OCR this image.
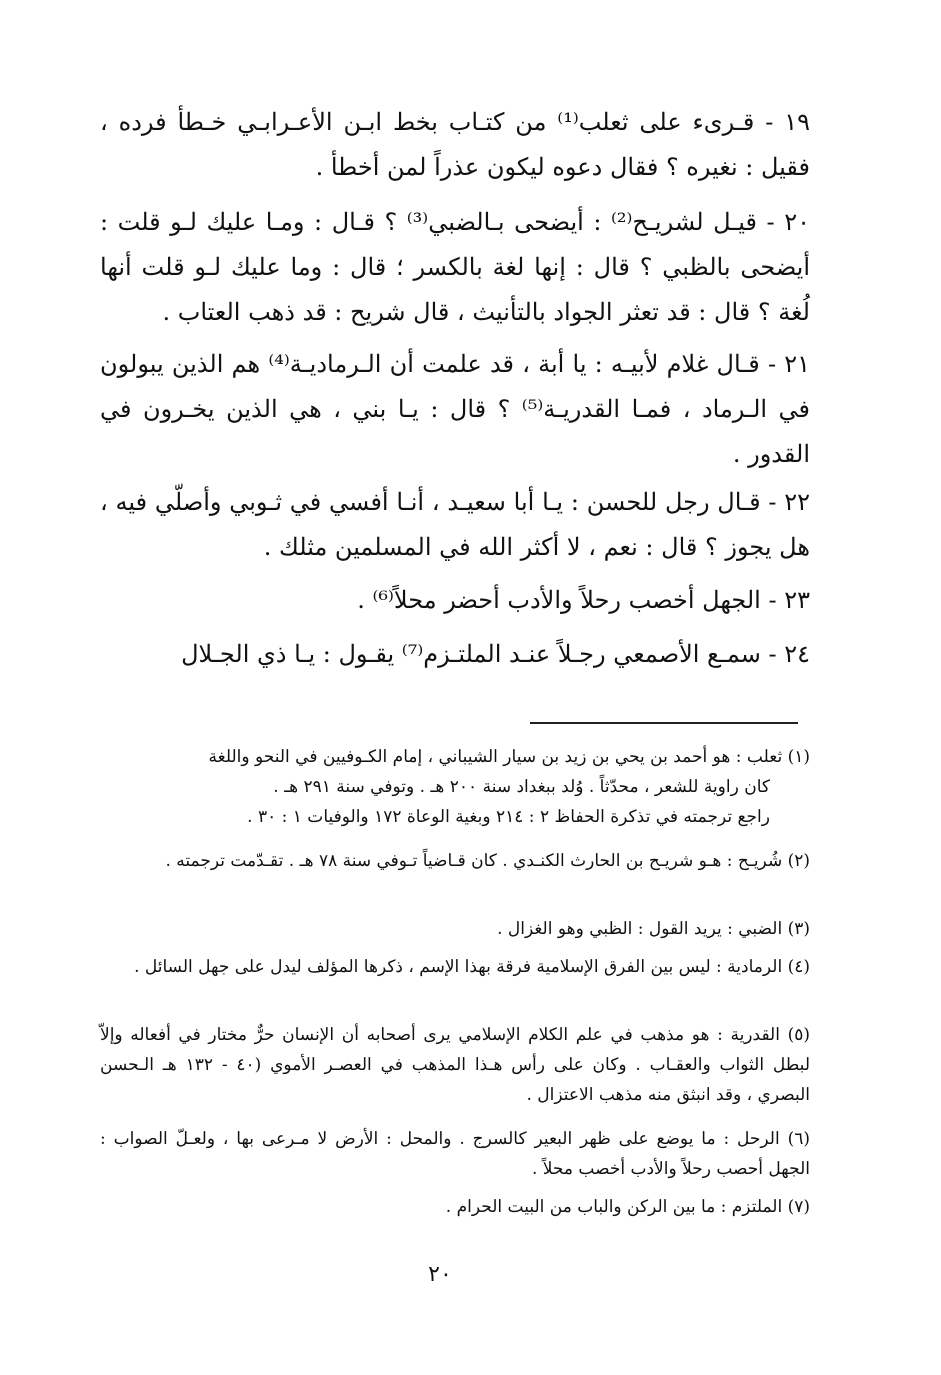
١٩ - قـرىء على ثعلب⁽¹⁾ من كتـاب بخط ابـن الأعـرابـي خـطأ فرده ، فقيل : نغيره ؟ فقال دعوه ليكون عذراً لمن أخطأ .

٢٠ - قيـل لشريـح⁽²⁾ : أيضحى بـالضبي⁽³⁾ ؟ قـال : ومـا عليك لـو قلت : أيضحى بالظبي ؟ قال : إنها لغة بالكسر ؛ قال : وما عليك لـو قلت أنها لُغة ؟ قال : قد تعثر الجواد بالتأنيث ، قال شريح : قد ذهب العتاب .

٢١ - قـال غلام لأبيـه : يا أبة ، قد علمت أن الـرماديـة⁽⁴⁾ هم الذين يبولون في الـرماد ، فمـا القدريـة⁽⁵⁾ ؟ قال : يـا بني ، هي الذين يخـرون في القدور .

٢٢ - قـال رجل للحسن : يـا أبا سعيـد ، أنـا أفسي في ثـوبي وأصلّي فيه ، هل يجوز ؟ قال : نعم ، لا أكثر الله في المسلمين مثلك .

٢٣ - الجهل أخصب رحلاً والأدب أحضر محلاً⁽⁶⁾ .

٢٤ - سمـع الأصمعي رجـلاً عنـد الملتـزم⁽⁷⁾ يقـول : يـا ذي الجـلال

(١) ثعلب : هو أحمد بن يحي بن زيد بن سيار الشيباني ، إمام الكـوفيين في النحو واللغة
كان راوية للشعر ، محدّثاً . وُلد ببغداد سنة ٢٠٠ هـ . وتوفي سنة ٢٩١ هـ .
راجع ترجمته في تذكرة الحفاظ ٢ : ٢١٤ وبغية الوعاة ١٧٢ والوفيات ١ : ٣٠ .
(٢) شُريـح : هـو شريـح بن الحارث الكنـدي . كان قـاضياً تـوفي سنة ٧٨ هـ . تقـدّمت ترجمته .
(٣) الضبي : يريد القول : الظبي وهو الغزال .
(٤) الرمادية : ليس بين الفرق الإسلامية فرقة بهذا الإسم ، ذكرها المؤلف ليدل على جهل السائل .
(٥) القدرية : هو مذهب في علم الكلام الإسلامي يرى أصحابه أن الإنسان حرٌّ مختار في أفعاله وإلاّ لبطل الثواب والعقـاب . وكان على رأس هـذا المذهب في العصـر الأموي (٤٠ - ١٣٢ هـ الـحسن البصري ، وقد انبثق منه مذهب الاعتزال .
(٦) الرحل : ما يوضع على ظهر البعير كالسرج . والمحل : الأرض لا مـرعى بها ، ولعـلّ الصواب : الجهل أحصب رحلاً والأدب أخصب محلاً .
(٧) الملتزم : ما بين الركن والباب من البيت الحرام .
٢٠
